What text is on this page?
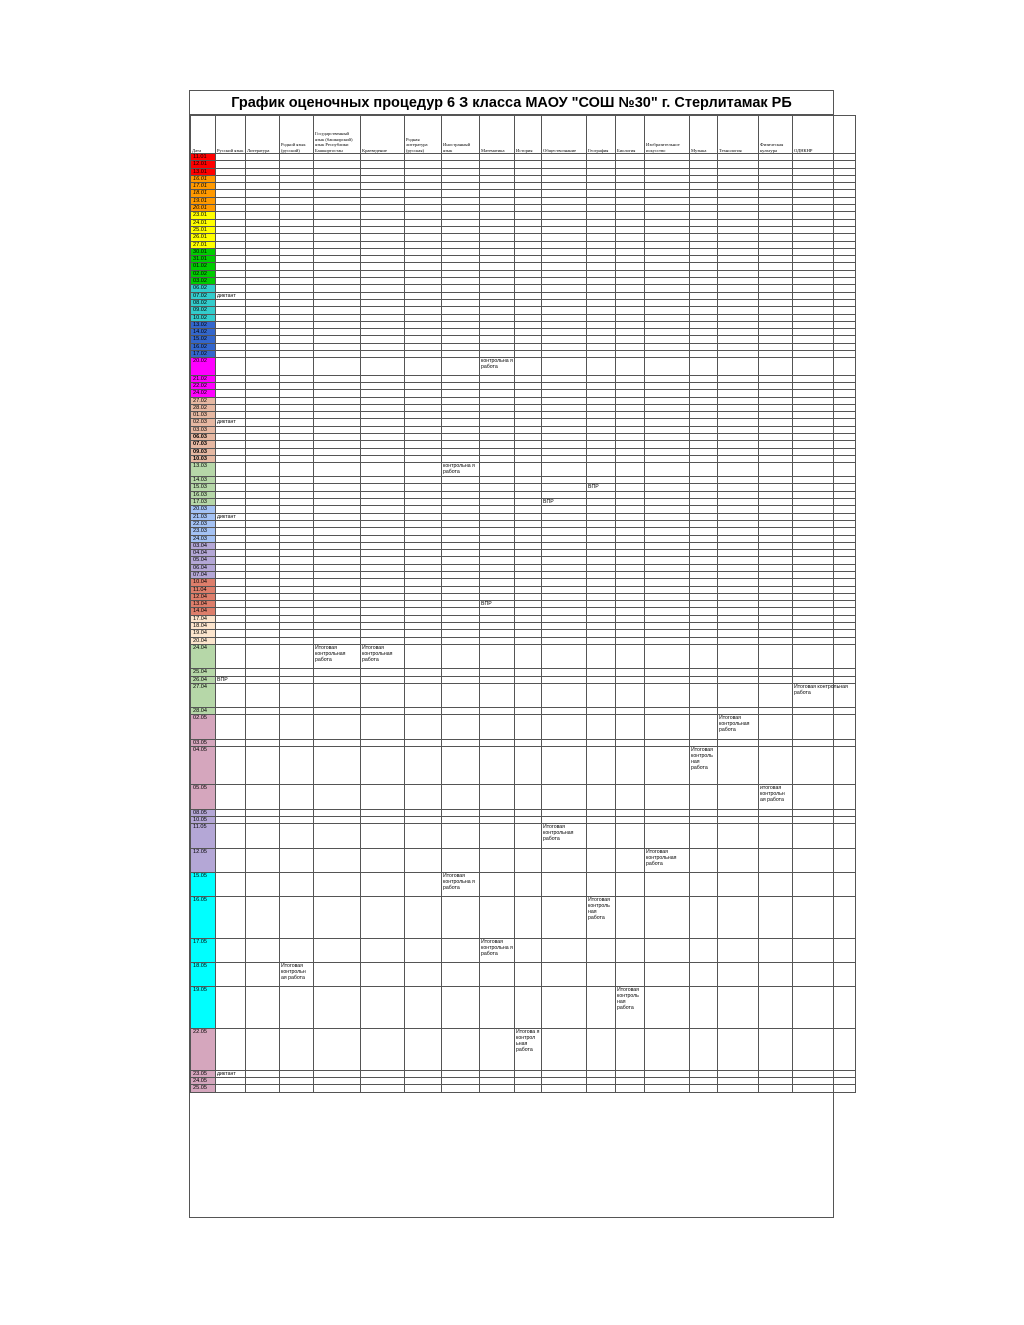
График оценочных процедур 6 З класса МАОУ "СОШ №30" г. Стерлитамак РБ
Дата	Русский язык	Литература	Родной язык (русский)	Государственный язык (башкирский) язык Республики Башкортостан	Краеведение	Родная литература (русская)	Иностранный язык	Математика	История	Обществознание	География	Биология	Изобразительное искусство	Музыка	Технология	Физическая культура	ОДНКНР
11.01																	
12.01																	
13.01																	
16.01																	
17.01																	
18.01																	
19.01																	
20.01																	
23.01																	
24.01																	
25.01																	
26.01																	
27.01																	
30.01																	
31.01																	
01.02																	
02.02																	
03.02																	
06.02																	
07.02	диктант																
08.02																	
09.02																	
10.02																	
13.02																	
14.02																	
15.02																	
16.02																	
17.02																	
20.02								контрольна я работа									
21.02																	
22.02																	
24.02																	
27.02																	
28.02																	
01.03																	
02.03	диктант																
03.03																	
06.03																	
07.03																	
09.03																	
10.03																	
13.03							контрольна я работа										
14.03																	
15.03											ВПР						
16.03																	
17.03										ВПР							
20.03																	
21.03	диктант																
22.03																	
23.03																	
24.03																	
03.04																	
04.04																	
05.04																	
06.04																	
07.04																	
10.04																	
11.04																	
12.04																	
13.04								ВПР									
14.04																	
17.04																	
18.04																	
19.04																	
20.04																	
24.04				Итоговая контрольная работа	Итоговая контрольная работа												
25.04																	
26.04	ВПР																
27.04																	Итоговая контрольная работа
28.04																	
02.05															Итоговая контрольная работа		
03.05																	
04.05														Итоговая контроль ная работа			
05.05																итоговая контрольн ая работа	
08.05																	
10.05																	
11.05										Итоговая контрольная работа							
12.05													Итоговая контрольная работа				
15.05							Итоговая контрольна я работа										
16.05											Итоговая контроль ная работа						
17.05								Итоговая контрольна я работа									
18.05			Итоговая контрольн ая работа														
19.05												Итоговая контроль ная работа					
22.05									Итогова я контрол ьная работа								
23.05	диктант																
24.05																	
25.05																	
